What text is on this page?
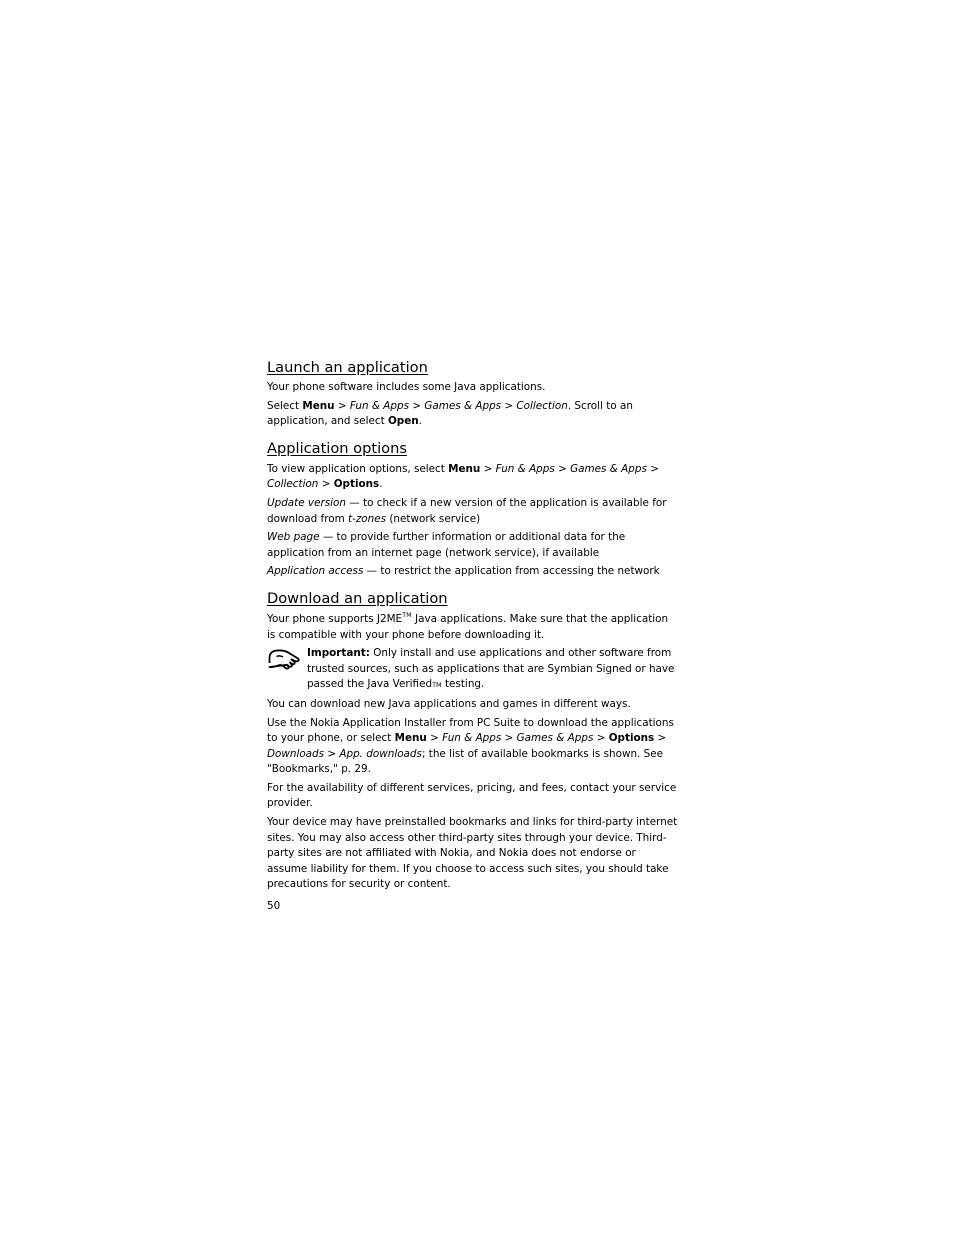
Launch an application

Your phone software includes some Java applications.

Select Menu > Fun & Apps > Games & Apps > Collection. Scroll to an application, and select Open.

Application options

To view application options, select Menu > Fun & Apps > Games & Apps >
Collection > Options.

Update version — to check if a new version of the application is available for download from t-zones (network service)

Web page — to provide further information or additional data for the application from an internet page (network service), if available

Application access — to restrict the application from accessing the network

Download an application

Your phone supports J2ME™ Java applications. Make sure that the application is compatible with your phone before downloading it.

Important: Only install and use applications and other software from trusted sources, such as applications that are Symbian Signed or have passed the Java VerifiedTM testing.

You can download new Java applications and games in different ways.

Use the Nokia Application Installer from PC Suite to download the applications to your phone, or select Menu > Fun & Apps > Games & Apps > Options > Downloads > App. downloads; the list of available bookmarks is shown. See "Bookmarks," p. 29.

For the availability of different services, pricing, and fees, contact your service provider.

Your device may have preinstalled bookmarks and links for third-party internet sites. You may also access other third-party sites through your device. Third-party sites are not affiliated with Nokia, and Nokia does not endorse or assume liability for them. If you choose to access such sites, you should take precautions for security or content.

50
